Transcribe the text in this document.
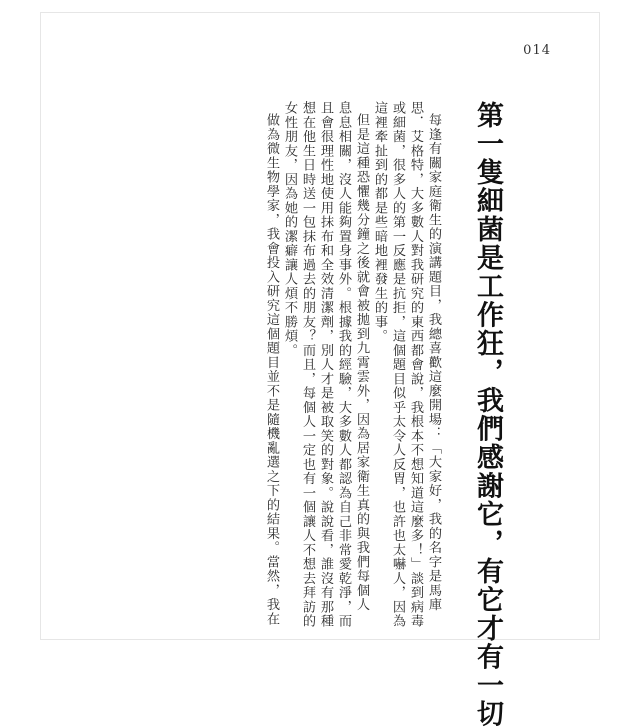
014
第一隻細菌是工作狂，我們感謝它，有它才有一切
每逢有關家庭衛生的演講題目，我總喜歡這麼開場：「大家好，我的名字是馬庫
思．艾格特，大多數人對我研究的東西都會說，我根本不想知道這麼多！」談到病毒
或細菌，很多人的第一反應是抗拒，這個題目似乎太令人反胃，也許也太嚇人，因為
這裡牽扯到的都是些暗地裡發生的事。
但是這種恐懼幾分鐘之後就會被拋到九霄雲外，因為居家衛生真的與我們每個人
息息相關，沒人能夠置身事外。根據我的經驗，大多數人都認為自己非常愛乾淨，而
且會很理性地使用抹布和全效清潔劑，別人才是被取笑的對象。說說看，誰沒有那種
想在他生日時送一包抹布過去的朋友？而且，每個人一定也有一個讓人不想去拜訪的
女性朋友，因為她的潔癖讓人煩不勝煩。
做為微生物學家，我會投入研究這個題目並不是隨機亂選之下的結果。當然，我在
